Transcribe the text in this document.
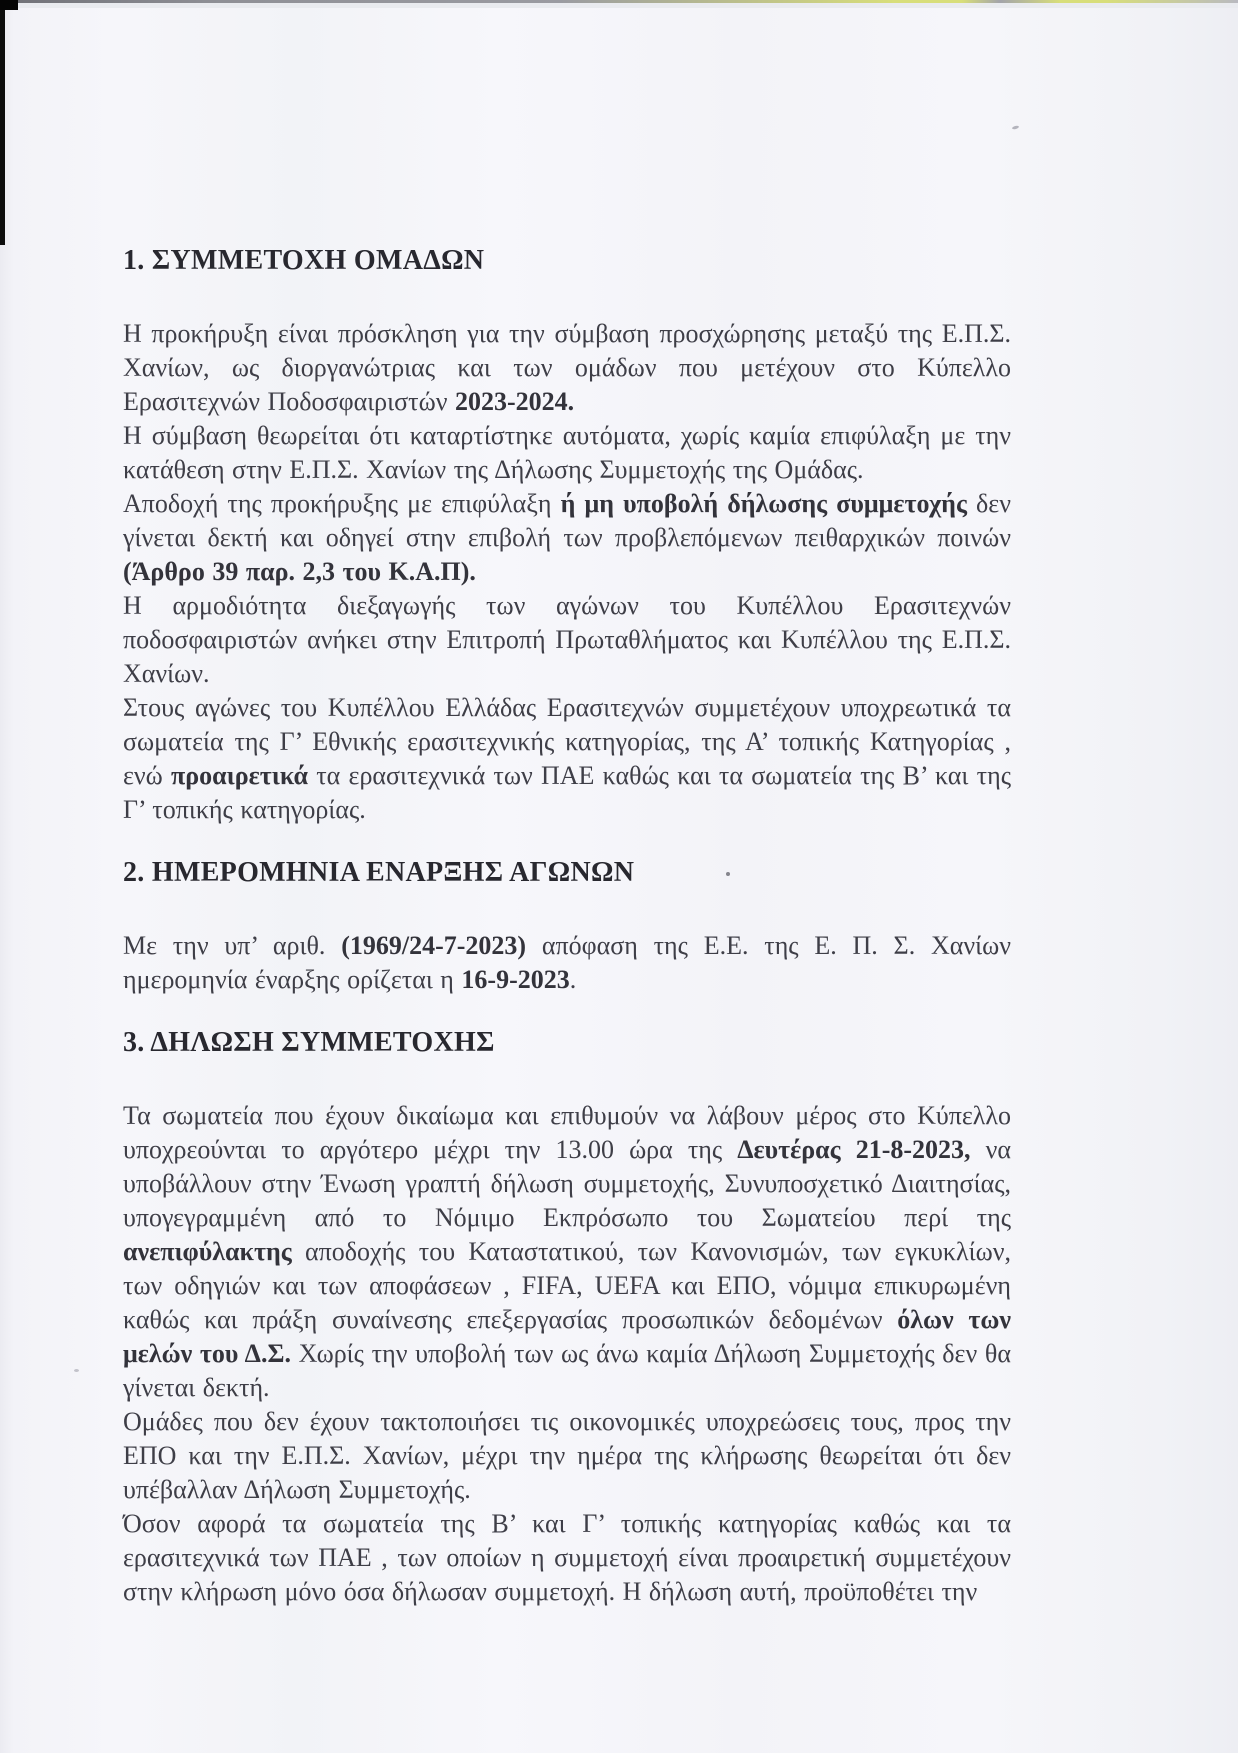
1. ΣΥΜΜΕΤΟΧΗ ΟΜΑΔΩΝ

Η προκήρυξη είναι πρόσκληση για την σύμβαση προσχώρησης μεταξύ της Ε.Π.Σ. Χανίων, ως διοργανώτριας και των ομάδων που μετέχουν στο Κύπελλο Ερασιτεχνών Ποδοσφαιριστών 2023-2024.

Η σύμβαση θεωρείται ότι καταρτίστηκε αυτόματα, χωρίς καμία επιφύλαξη με την κατάθεση στην Ε.Π.Σ. Χανίων της Δήλωσης Συμμετοχής της Ομάδας.

Αποδοχή της προκήρυξης με επιφύλαξη ή μη υποβολή δήλωσης συμμετοχής δεν γίνεται δεκτή και οδηγεί στην επιβολή των προβλεπόμενων πειθαρχικών ποινών (Άρθρο 39 παρ. 2,3 του Κ.Α.Π).

Η αρμοδιότητα διεξαγωγής των αγώνων του Κυπέλλου Ερασιτεχνών ποδοσφαιριστών ανήκει στην Επιτροπή Πρωταθλήματος και Κυπέλλου της Ε.Π.Σ. Χανίων.

Στους αγώνες του Κυπέλλου Ελλάδας Ερασιτεχνών συμμετέχουν υποχρεωτικά τα σωματεία της Γ’ Εθνικής ερασιτεχνικής κατηγορίας, της Α’ τοπικής Κατηγορίας , ενώ προαιρετικά τα ερασιτεχνικά των ΠΑΕ καθώς και τα σωματεία της Β’ και της Γ’ τοπικής κατηγορίας.

2. ΗΜΕΡΟΜΗΝΙΑ ΕΝΑΡΞΗΣ ΑΓΩΝΩΝ

Με την υπ’ αριθ. (1969/24-7-2023) απόφαση της Ε.Ε. της Ε. Π. Σ. Χανίων ημερομηνία έναρξης ορίζεται η 16-9-2023.

3. ΔΗΛΩΣΗ ΣΥΜΜΕΤΟΧΗΣ

Τα σωματεία που έχουν δικαίωμα και επιθυμούν να λάβουν μέρος στο Κύπελλο υποχρεούνται το αργότερο μέχρι την 13.00 ώρα της Δευτέρας 21-8-2023, να υποβάλλουν στην Ένωση γραπτή δήλωση συμμετοχής, Συνυποσχετικό Διαιτησίας, υπογεγραμμένη από το Νόμιμο Εκπρόσωπο του Σωματείου περί της ανεπιφύλακτης αποδοχής του Καταστατικού, των Κανονισμών, των εγκυκλίων, των οδηγιών και των αποφάσεων , FIFA, UEFA και ΕΠΟ, νόμιμα επικυρωμένη καθώς και πράξη συναίνεσης επεξεργασίας προσωπικών δεδομένων όλων των μελών του Δ.Σ. Χωρίς την υποβολή των ως άνω καμία Δήλωση Συμμετοχής δεν θα γίνεται δεκτή.

Ομάδες που δεν έχουν τακτοποιήσει τις οικονομικές υποχρεώσεις τους, προς την ΕΠΟ και την Ε.Π.Σ. Χανίων, μέχρι την ημέρα της κλήρωσης θεωρείται ότι δεν υπέβαλλαν Δήλωση Συμμετοχής.

Όσον αφορά τα σωματεία της Β’ και Γ’ τοπικής κατηγορίας καθώς και τα ερασιτεχνικά των ΠΑΕ , των οποίων η συμμετοχή είναι προαιρετική συμμετέχουν στην κλήρωση μόνο όσα δήλωσαν συμμετοχή. Η δήλωση αυτή, προϋποθέτει την
